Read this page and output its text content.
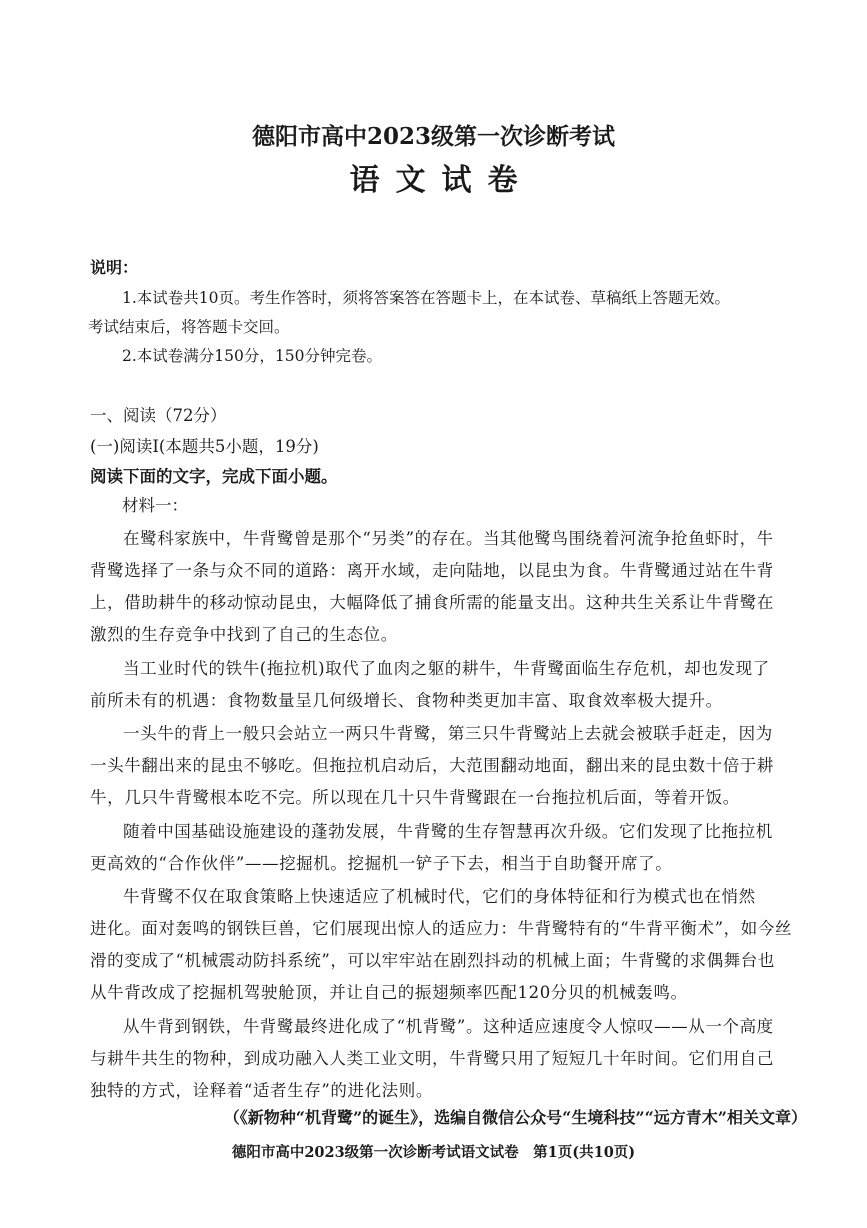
德阳市高中2023级第一次诊断考试
语文试卷
说明：
1.本试卷共10页。考生作答时，须将答案答在答题卡上，在本试卷、草稿纸上答题无效。
考试结束后，将答题卡交回。
2.本试卷满分150分，150分钟完卷。
一、阅读（72分）
(一)阅读Ⅰ(本题共5小题，19分)
阅读下面的文字，完成下面小题。
材料一：
在鹭科家族中，牛背鹭曾是那个“另类”的存在。当其他鹭鸟围绕着河流争抢鱼虾时，牛
背鹭选择了一条与众不同的道路：离开水域，走向陆地，以昆虫为食。牛背鹭通过站在牛背
上，借助耕牛的移动惊动昆虫，大幅降低了捕食所需的能量支出。这种共生关系让牛背鹭在
激烈的生存竞争中找到了自己的生态位。
当工业时代的铁牛(拖拉机)取代了血肉之躯的耕牛，牛背鹭面临生存危机，却也发现了
前所未有的机遇：食物数量呈几何级增长、食物种类更加丰富、取食效率极大提升。
一头牛的背上一般只会站立一两只牛背鹭，第三只牛背鹭站上去就会被联手赶走，因为
一头牛翻出来的昆虫不够吃。但拖拉机启动后，大范围翻动地面，翻出来的昆虫数十倍于耕
牛，几只牛背鹭根本吃不完。所以现在几十只牛背鹭跟在一台拖拉机后面，等着开饭。
随着中国基础设施建设的蓬勃发展，牛背鹭的生存智慧再次升级。它们发现了比拖拉机
更高效的“合作伙伴”——挖掘机。挖掘机一铲子下去，相当于自助餐开席了。
牛背鹭不仅在取食策略上快速适应了机械时代，它们的身体特征和行为模式也在悄然
进化。面对轰鸣的钢铁巨兽，它们展现出惊人的适应力：牛背鹭特有的“牛背平衡术”，如今丝
滑的变成了“机械震动防抖系统”，可以牢牢站在剧烈抖动的机械上面；牛背鹭的求偶舞台也
从牛背改成了挖掘机驾驶舱顶，并让自己的振翅频率匹配120分贝的机械轰鸣。
从牛背到钢铁，牛背鹭最终进化成了“机背鹭”。这种适应速度令人惊叹——从一个高度
与耕牛共生的物种，到成功融入人类工业文明，牛背鹭只用了短短几十年时间。它们用自己
独特的方式，诠释着“适者生存”的进化法则。
（《新物种“机背鹭”的诞生》，选编自微信公众号“生境科技”“远方青木”相关文章）
德阳市高中2023级第一次诊断考试语文试卷　第1页(共10页)
